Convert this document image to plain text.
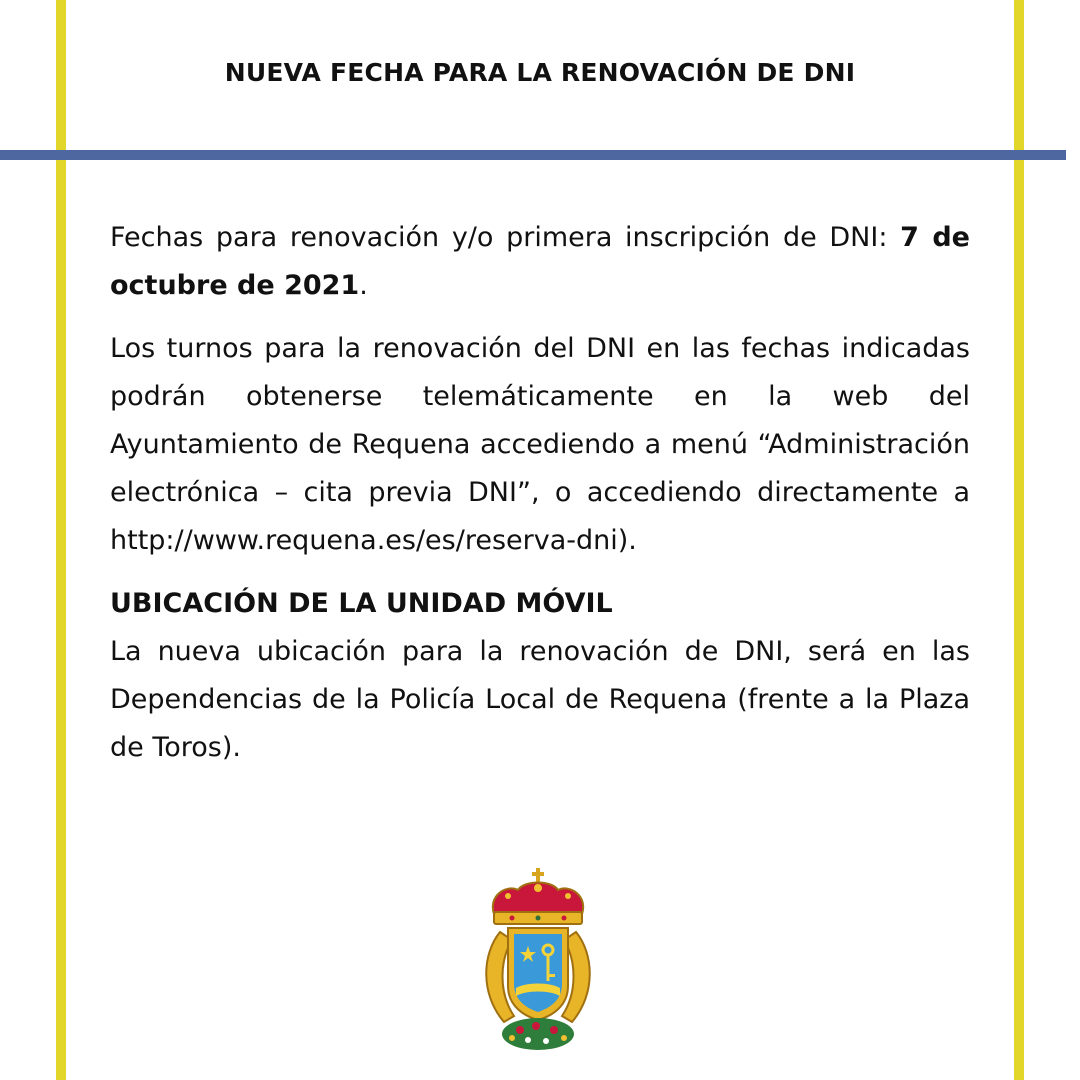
NUEVA FECHA PARA LA RENOVACIÓN DE DNI

Fechas para renovación y/o primera inscripción de DNI: 7 de octubre de 2021.

Los turnos para la renovación del DNI en las fechas indicadas podrán obtenerse telemáticamente en la web del Ayuntamiento de Requena accediendo a menú “Administración electrónica – cita previa DNI”, o accediendo directamente a http://www.requena.es/es/reserva-dni).

UBICACIÓN DE LA UNIDAD MÓVIL
La nueva ubicación para la renovación de DNI, será en las Dependencias de la Policía Local de Requena (frente a la Plaza de Toros).
